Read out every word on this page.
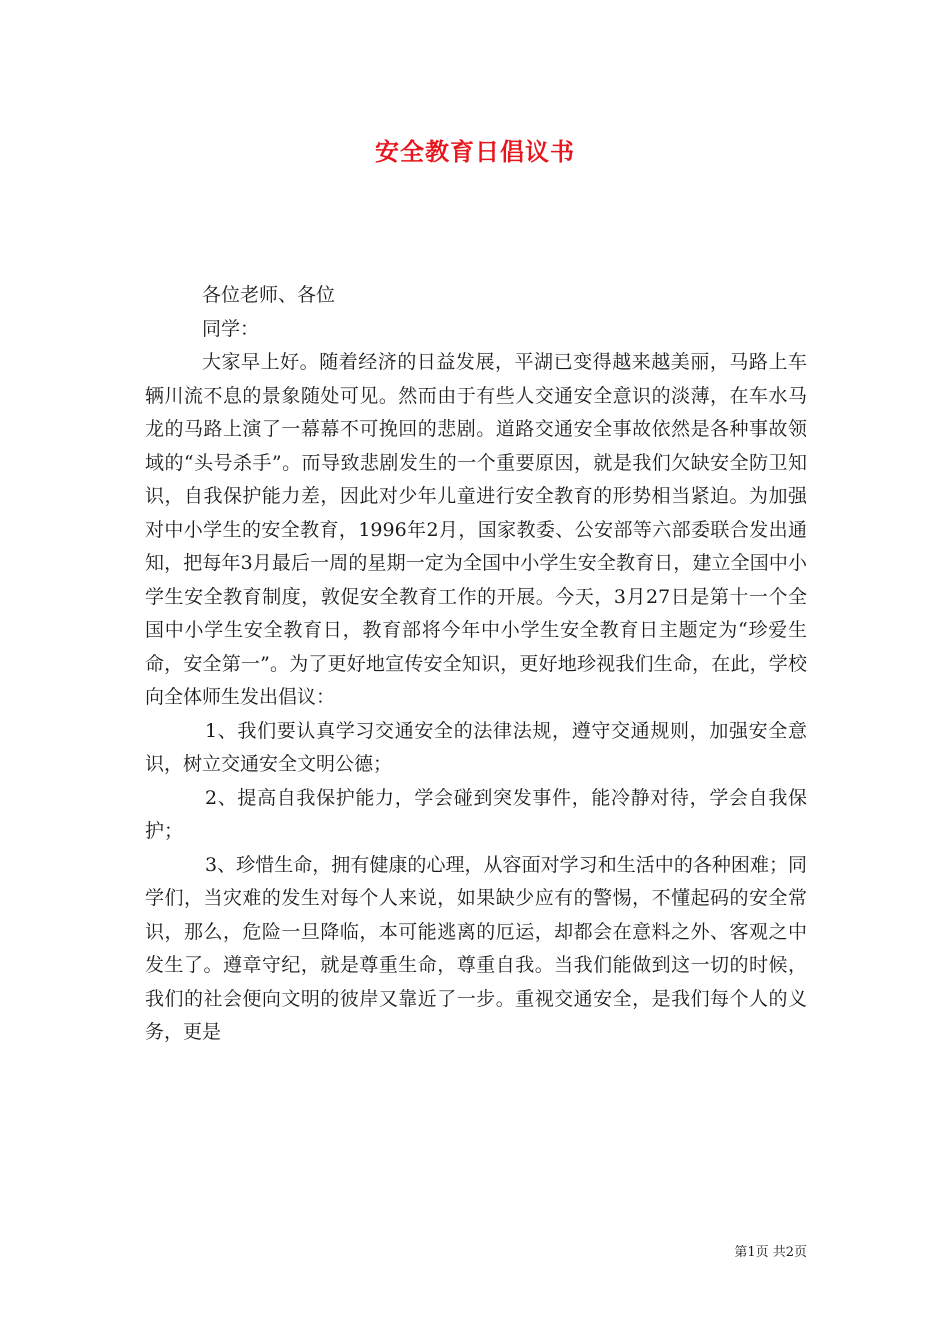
安全教育日倡议书

各位老师、各位

同学：

大家早上好。随着经济的日益发展，平湖已变得越来越美丽，马路上车辆川流不息的景象随处可见。然而由于有些人交通安全意识的淡薄，在车水马龙的马路上演了一幕幕不可挽回的悲剧。道路交通安全事故依然是各种事故领域的“头号杀手”。而导致悲剧发生的一个重要原因，就是我们欠缺安全防卫知识，自我保护能力差，因此对少年儿童进行安全教育的形势相当紧迫。为加强对中小学生的安全教育，1996年2月，国家教委、公安部等六部委联合发出通知，把每年3月最后一周的星期一定为全国中小学生安全教育日，建立全国中小学生安全教育制度，敦促安全教育工作的开展。今天，3月27日是第十一个全国中小学生安全教育日，教育部将今年中小学生安全教育日主题定为“珍爱生命，安全第一”。为了更好地宣传安全知识，更好地珍视我们生命，在此，学校向全体师生发出倡议：

1、我们要认真学习交通安全的法律法规，遵守交通规则，加强安全意识，树立交通安全文明公德；

2、提高自我保护能力，学会碰到突发事件，能冷静对待，学会自我保护；

3、珍惜生命，拥有健康的心理，从容面对学习和生活中的各种困难；同学们，当灾难的发生对每个人来说，如果缺少应有的警惕，不懂起码的安全常识，那么，危险一旦降临，本可能逃离的厄运，却都会在意料之外、客观之中发生了。遵章守纪，就是尊重生命，尊重自我。当我们能做到这一切的时候，我们的社会便向文明的彼岸又靠近了一步。重视交通安全，是我们每个人的义务，更是

第1页 共2页
